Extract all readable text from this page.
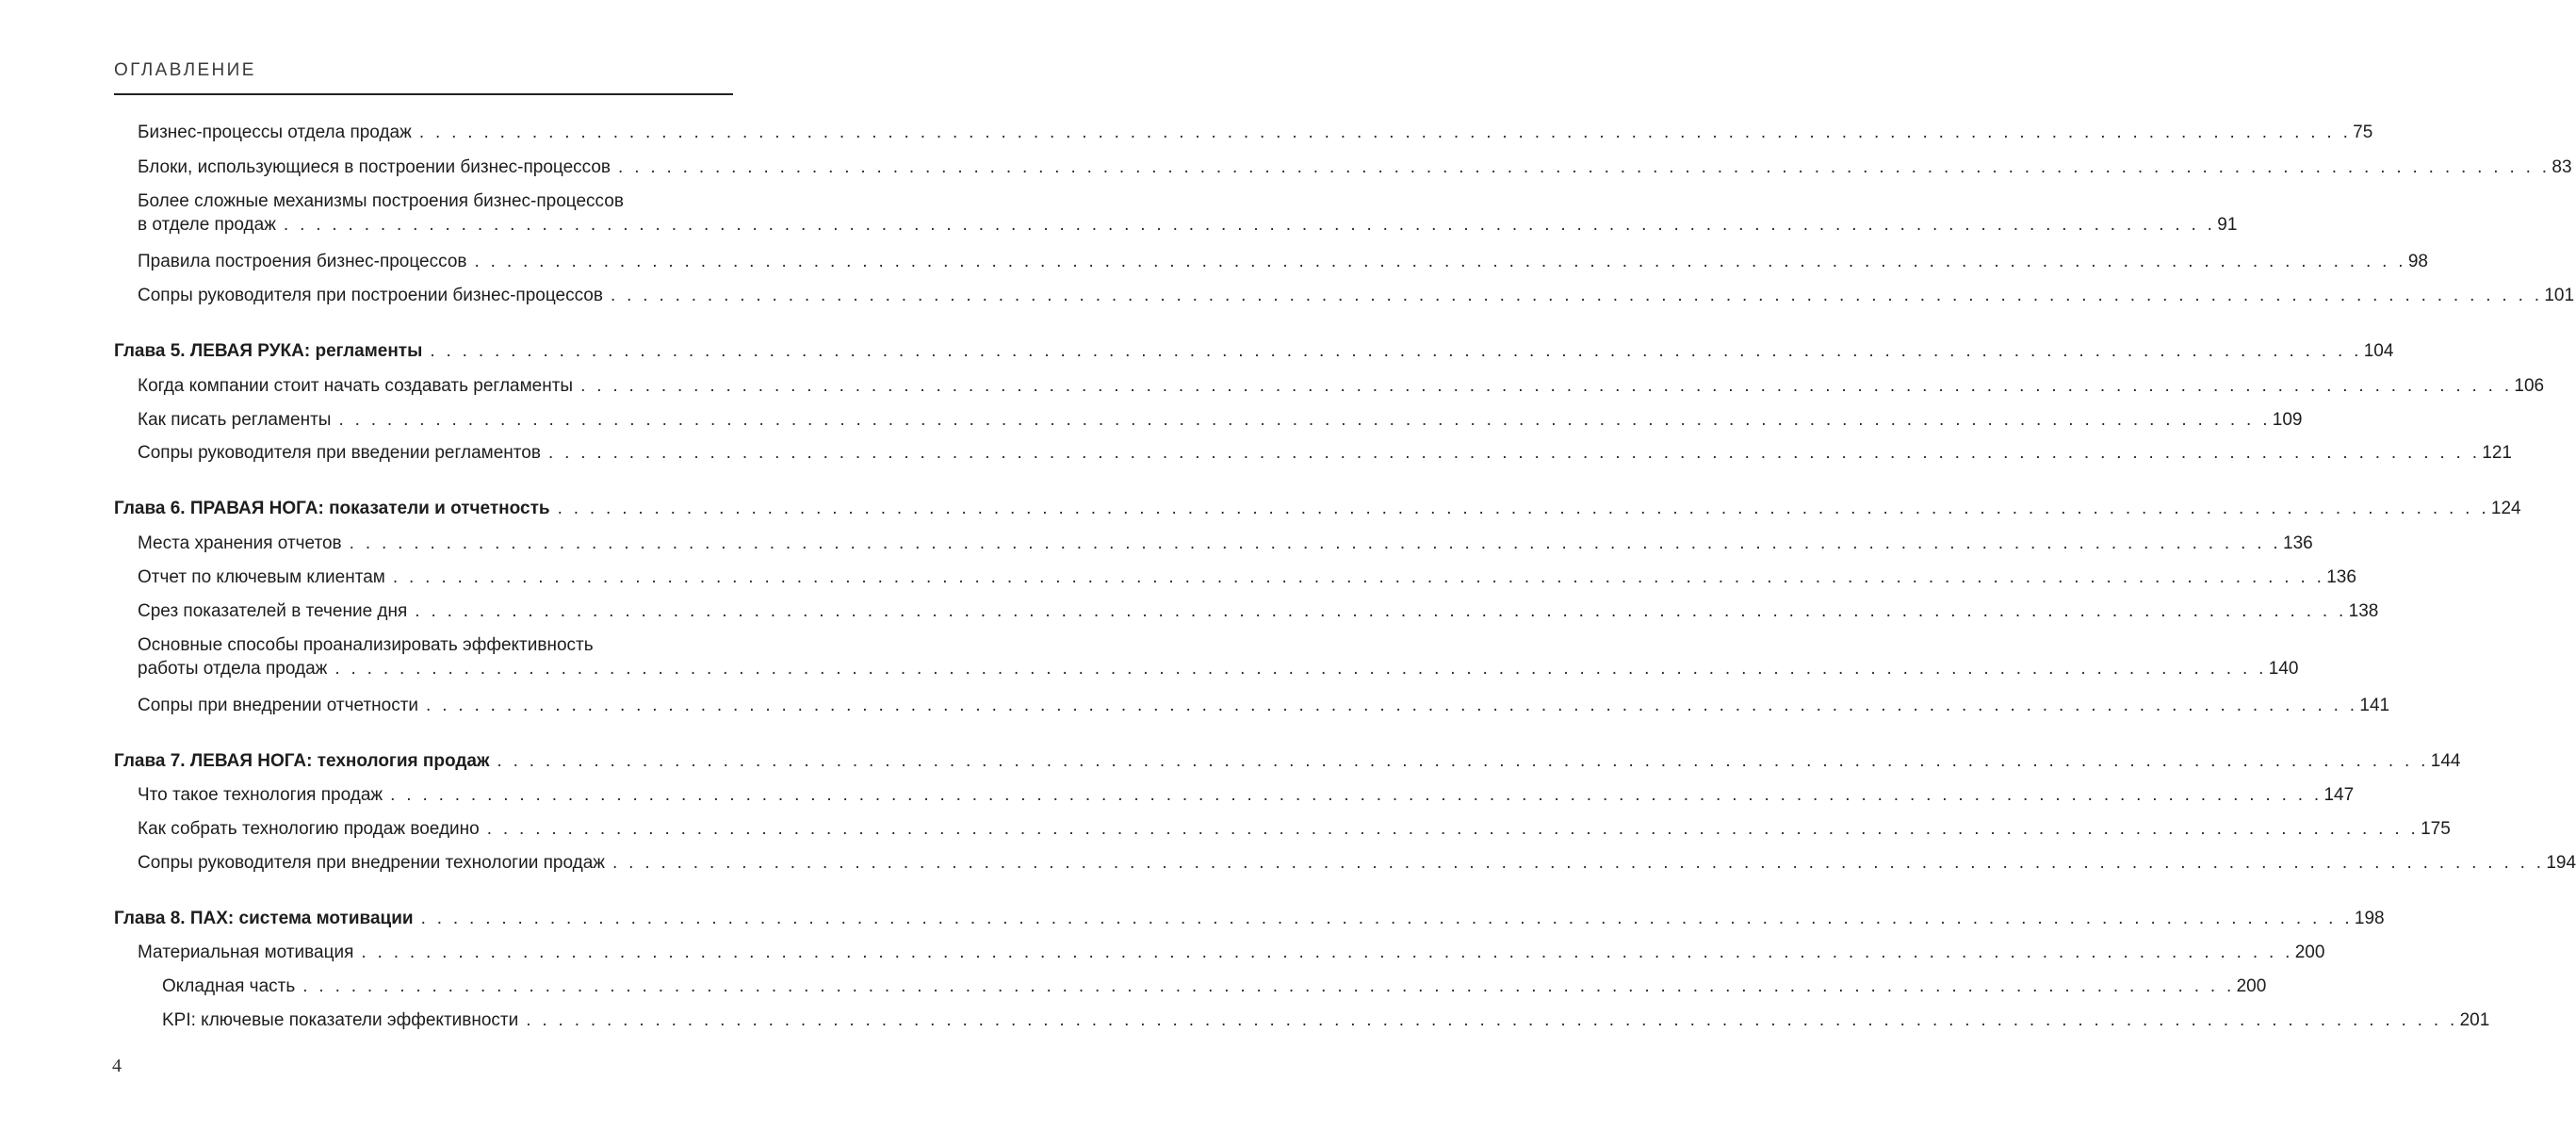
ОГЛАВЛЕНИЕ
Бизнес-процессы отдела продаж . . . . . . . . . . . . . . . . . . . . . . . . . . . . . . . . . . . . . . . . . . . . . . . . . . . . . . . . . . . . . . . . . . . . . . . . . . . . . . . . . . . . . . . . . . . . . . . . . . . . . . . . . . . . . . . . . . . . . . . . 75
Блоки, использующиеся в построении бизнес-процессов . . . . . . . . . . . . . . . . . . . . . . . . . . . . . . . . . . . . . . . . . . . . . . . . . . . . . . . . . . . . . . . . . . . . . . . . . . . . . . . . . . . . . . . . . . . . . . . . . . . . . . . . . . . . . . . . . . . . . . . . 83
Более сложные механизмы построения бизнес-процессов
в отделе продаж . . . . . . . . . . . . . . . . . . . . . . . . . . . . . . . . . . . . . . . . . . . . . . . . . . . . . . . . . . . . . . . . . . . . . . . . . . . . . . . . . . . . . . . . . . . . . . . . . . . . . . . . . . . . . . . . . . . . . . . . 91
Правила построения бизнес-процессов . . . . . . . . . . . . . . . . . . . . . . . . . . . . . . . . . . . . . . . . . . . . . . . . . . . . . . . . . . . . . . . . . . . . . . . . . . . . . . . . . . . . . . . . . . . . . . . . . . . . . . . . . . . . . . . . . . . . . . . . 98
Сопры руководителя при построении бизнес-процессов . . . . . . . . . . . . . . . . . . . . . . . . . . . . . . . . . . . . . . . . . . . . . . . . . . . . . . . . . . . . . . . . . . . . . . . . . . . . . . . . . . . . . . . . . . . . . . . . . . . . . . . . . . . . . . . . . . . . . . . . 101
Глава 5. ЛЕВАЯ РУКА: регламенты . . . . . . . . . . . . . . . . . . . . . . . . . . . . . . . . . . . . . . . . . . . . . . . . . . . . . . . . . . . . . . . . . . . . . . . . . . . . . . . . . . . . . . . . . . . . . . . . . . . . . . . . . . . . . . . . . . . . . . . . 104
Когда компании стоит начать создавать регламенты . . . . . . . . . . . . . . . . . . . . . . . . . . . . . . . . . . . . . . . . . . . . . . . . . . . . . . . . . . . . . . . . . . . . . . . . . . . . . . . . . . . . . . . . . . . . . . . . . . . . . . . . . . . . . . . . . . . . . . . . 106
Как писать регламенты . . . . . . . . . . . . . . . . . . . . . . . . . . . . . . . . . . . . . . . . . . . . . . . . . . . . . . . . . . . . . . . . . . . . . . . . . . . . . . . . . . . . . . . . . . . . . . . . . . . . . . . . . . . . . . . . . . . . . . . . 109
Сопры руководителя при введении регламентов . . . . . . . . . . . . . . . . . . . . . . . . . . . . . . . . . . . . . . . . . . . . . . . . . . . . . . . . . . . . . . . . . . . . . . . . . . . . . . . . . . . . . . . . . . . . . . . . . . . . . . . . . . . . . . . . . . . . . . . . 121
Глава 6. ПРАВАЯ НОГА: показатели и отчетность . . . . . . . . . . . . . . . . . . . . . . . . . . . . . . . . . . . . . . . . . . . . . . . . . . . . . . . . . . . . . . . . . . . . . . . . . . . . . . . . . . . . . . . . . . . . . . . . . . . . . . . . . . . . . . . . . . . . . . . . 124
Места хранения отчетов . . . . . . . . . . . . . . . . . . . . . . . . . . . . . . . . . . . . . . . . . . . . . . . . . . . . . . . . . . . . . . . . . . . . . . . . . . . . . . . . . . . . . . . . . . . . . . . . . . . . . . . . . . . . . . . . . . . . . . . . 136
Отчет по ключевым клиентам . . . . . . . . . . . . . . . . . . . . . . . . . . . . . . . . . . . . . . . . . . . . . . . . . . . . . . . . . . . . . . . . . . . . . . . . . . . . . . . . . . . . . . . . . . . . . . . . . . . . . . . . . . . . . . . . . . . . . . . . 136
Срез показателей в течение дня . . . . . . . . . . . . . . . . . . . . . . . . . . . . . . . . . . . . . . . . . . . . . . . . . . . . . . . . . . . . . . . . . . . . . . . . . . . . . . . . . . . . . . . . . . . . . . . . . . . . . . . . . . . . . . . . . . . . . . . . 138
Основные способы проанализировать эффективность
работы отдела продаж . . . . . . . . . . . . . . . . . . . . . . . . . . . . . . . . . . . . . . . . . . . . . . . . . . . . . . . . . . . . . . . . . . . . . . . . . . . . . . . . . . . . . . . . . . . . . . . . . . . . . . . . . . . . . . . . . . . . . . . . 140
Сопры при внедрении отчетности . . . . . . . . . . . . . . . . . . . . . . . . . . . . . . . . . . . . . . . . . . . . . . . . . . . . . . . . . . . . . . . . . . . . . . . . . . . . . . . . . . . . . . . . . . . . . . . . . . . . . . . . . . . . . . . . . . . . . . . . 141
Глава 7. ЛЕВАЯ НОГА: технология продаж . . . . . . . . . . . . . . . . . . . . . . . . . . . . . . . . . . . . . . . . . . . . . . . . . . . . . . . . . . . . . . . . . . . . . . . . . . . . . . . . . . . . . . . . . . . . . . . . . . . . . . . . . . . . . . . . . . . . . . . . 144
Что такое технология продаж . . . . . . . . . . . . . . . . . . . . . . . . . . . . . . . . . . . . . . . . . . . . . . . . . . . . . . . . . . . . . . . . . . . . . . . . . . . . . . . . . . . . . . . . . . . . . . . . . . . . . . . . . . . . . . . . . . . . . . . . 147
Как собрать технологию продаж воедино . . . . . . . . . . . . . . . . . . . . . . . . . . . . . . . . . . . . . . . . . . . . . . . . . . . . . . . . . . . . . . . . . . . . . . . . . . . . . . . . . . . . . . . . . . . . . . . . . . . . . . . . . . . . . . . . . . . . . . . . 175
Сопры руководителя при внедрении технологии продаж . . . . . . . . . . . . . . . . . . . . . . . . . . . . . . . . . . . . . . . . . . . . . . . . . . . . . . . . . . . . . . . . . . . . . . . . . . . . . . . . . . . . . . . . . . . . . . . . . . . . . . . . . . . . . . . . . . . . . . . . 194
Глава 8. ПАХ: система мотивации . . . . . . . . . . . . . . . . . . . . . . . . . . . . . . . . . . . . . . . . . . . . . . . . . . . . . . . . . . . . . . . . . . . . . . . . . . . . . . . . . . . . . . . . . . . . . . . . . . . . . . . . . . . . . . . . . . . . . . . . 198
Материальная мотивация . . . . . . . . . . . . . . . . . . . . . . . . . . . . . . . . . . . . . . . . . . . . . . . . . . . . . . . . . . . . . . . . . . . . . . . . . . . . . . . . . . . . . . . . . . . . . . . . . . . . . . . . . . . . . . . . . . . . . . . . 200
Окладная часть . . . . . . . . . . . . . . . . . . . . . . . . . . . . . . . . . . . . . . . . . . . . . . . . . . . . . . . . . . . . . . . . . . . . . . . . . . . . . . . . . . . . . . . . . . . . . . . . . . . . . . . . . . . . . . . . . . . . . . . . 200
KPI: ключевые показатели эффективности . . . . . . . . . . . . . . . . . . . . . . . . . . . . . . . . . . . . . . . . . . . . . . . . . . . . . . . . . . . . . . . . . . . . . . . . . . . . . . . . . . . . . . . . . . . . . . . . . . . . . . . . . . . . . . . . . . . . . . . . 201
4
